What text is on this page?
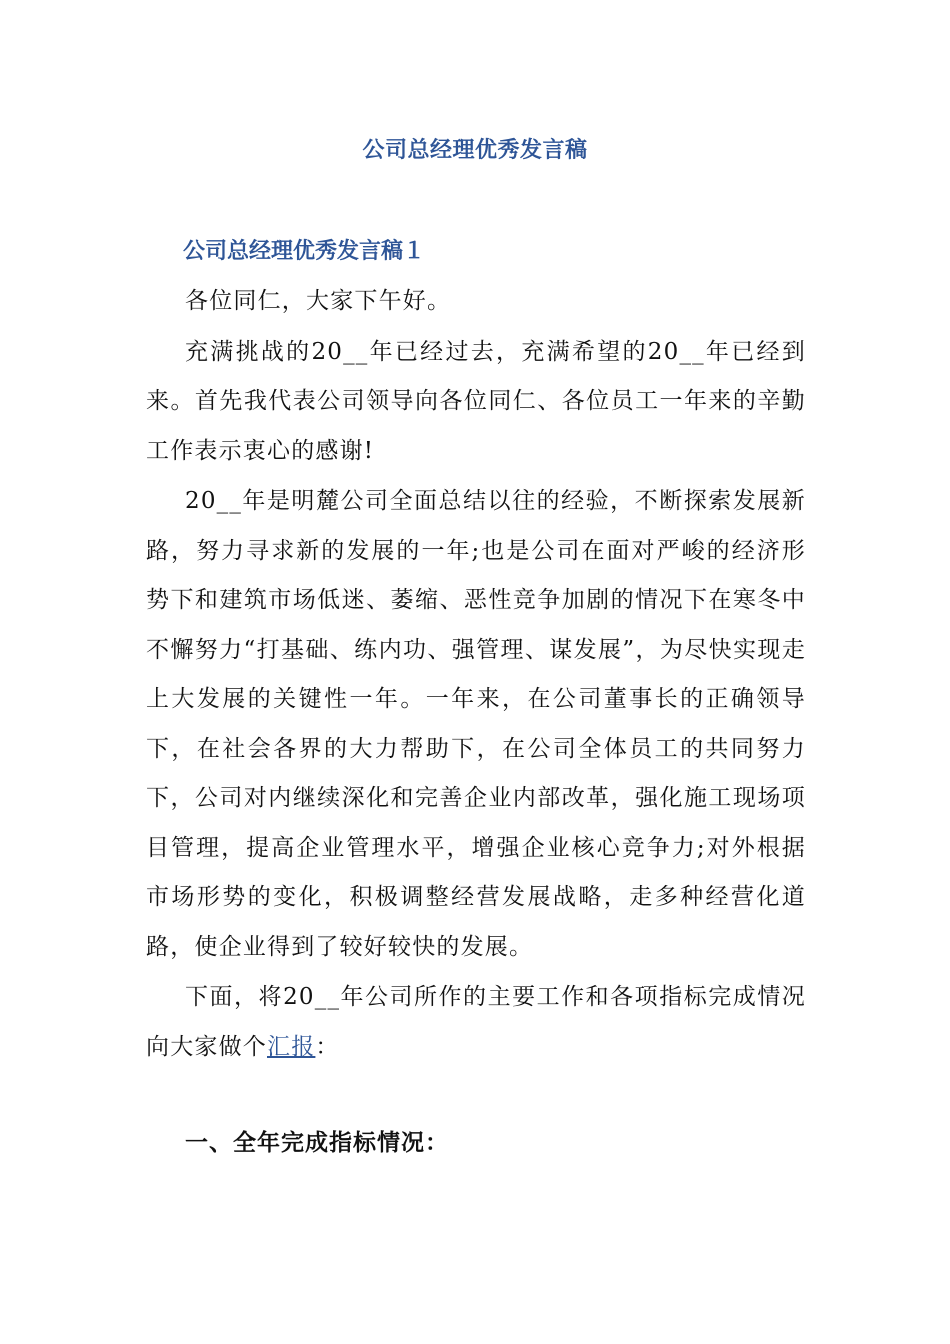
公司总经理优秀发言稿
公司总经理优秀发言稿１

各位同仁，大家下午好。

充满挑战的20__年已经过去，充满希望的20__年已经到来。首先我代表公司领导向各位同仁、各位员工一年来的辛勤工作表示衷心的感谢!

20__年是明麓公司全面总结以往的经验，不断探索发展新路，努力寻求新的发展的一年;也是公司在面对严峻的经济形势下和建筑市场低迷、萎缩、恶性竞争加剧的情况下在寒冬中不懈努力“打基础、练内功、强管理、谋发展”，为尽快实现走上大发展的关键性一年。一年来，在公司董事长的正确领导下，在社会各界的大力帮助下，在公司全体员工的共同努力下，公司对内继续深化和完善企业内部改革，强化施工现场项目管理，提高企业管理水平，增强企业核心竞争力;对外根据市场形势的变化，积极调整经营发展战略，走多种经营化道路，使企业得到了较好较快的发展。

下面，将20__年公司所作的主要工作和各项指标完成情况向大家做个汇报：

一、全年完成指标情况：
